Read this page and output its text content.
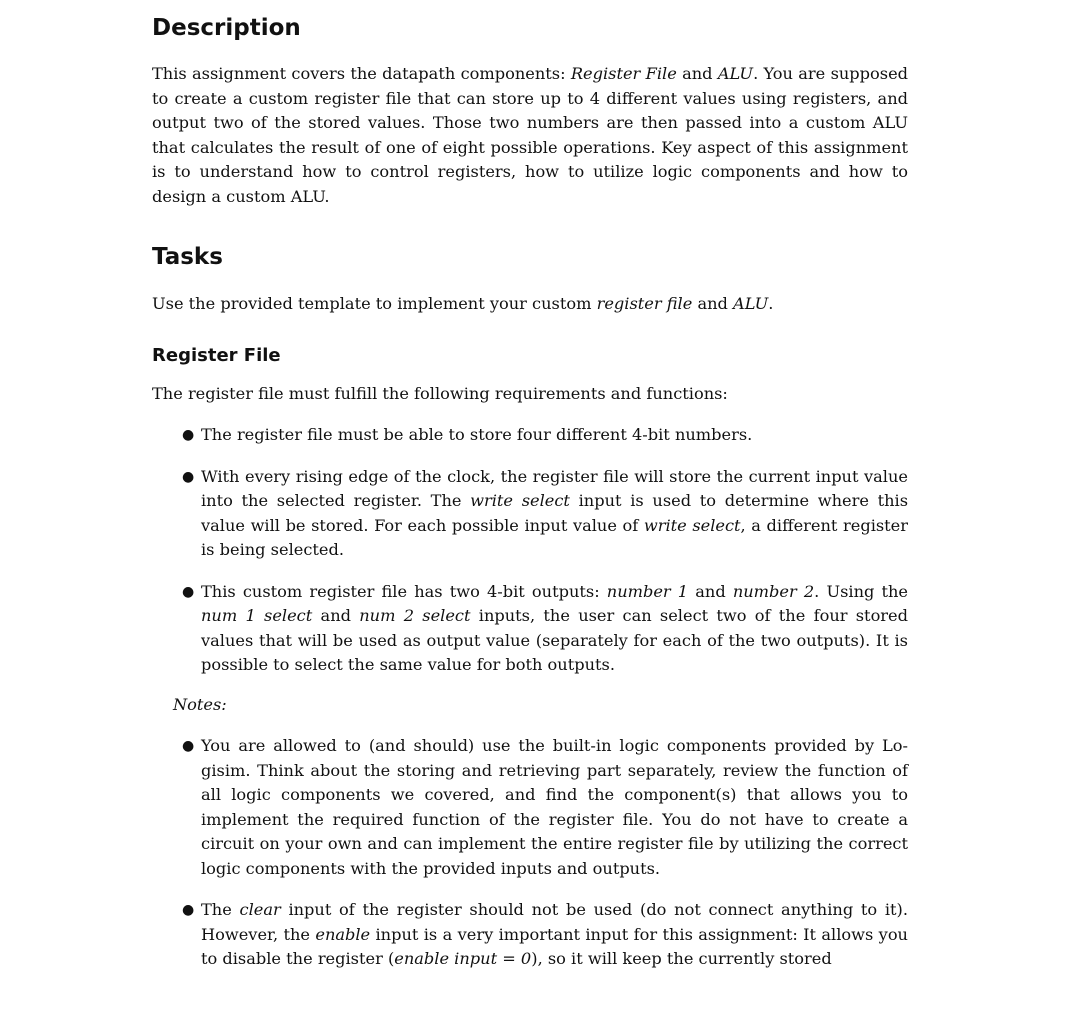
Description

This assignment covers the datapath components: Register File and ALU. You are supposed to create a custom register file that can store up to 4 different values using registers, and output two of the stored values. Those two numbers are then passed into a custom ALU that calculates the result of one of eight possible operations. Key aspect of this assignment is to understand how to control registers, how to utilize logic components and how to design a custom ALU.

Tasks

Use the provided template to implement your custom register file and ALU.

Register File

The register file must fulfill the following requirements and functions:

● The register file must be able to store four different 4-bit numbers.
● With every rising edge of the clock, the register file will store the current input value into the selected register. The write select input is used to determine where this value will be stored. For each possible input value of write select, a different register is being selected.
● This custom register file has two 4-bit outputs: number 1 and number 2. Using the num 1 select and num 2 select inputs, the user can select two of the four stored values that will be used as output value (separately for each of the two outputs). It is possible to select the same value for both outputs.
Notes:
● You are allowed to (and should) use the built-in logic components provided by Lo-gisim. Think about the storing and retrieving part separately, review the function of all logic components we covered, and find the component(s) that allows you to implement the required function of the register file. You do not have to create a circuit on your own and can implement the entire register file by utilizing the correct logic components with the provided inputs and outputs.
● The clear input of the register should not be used (do not connect anything to it). However, the enable input is a very important input for this assignment: It allows you to disable the register (enable input = 0), so it will keep the currently stored
